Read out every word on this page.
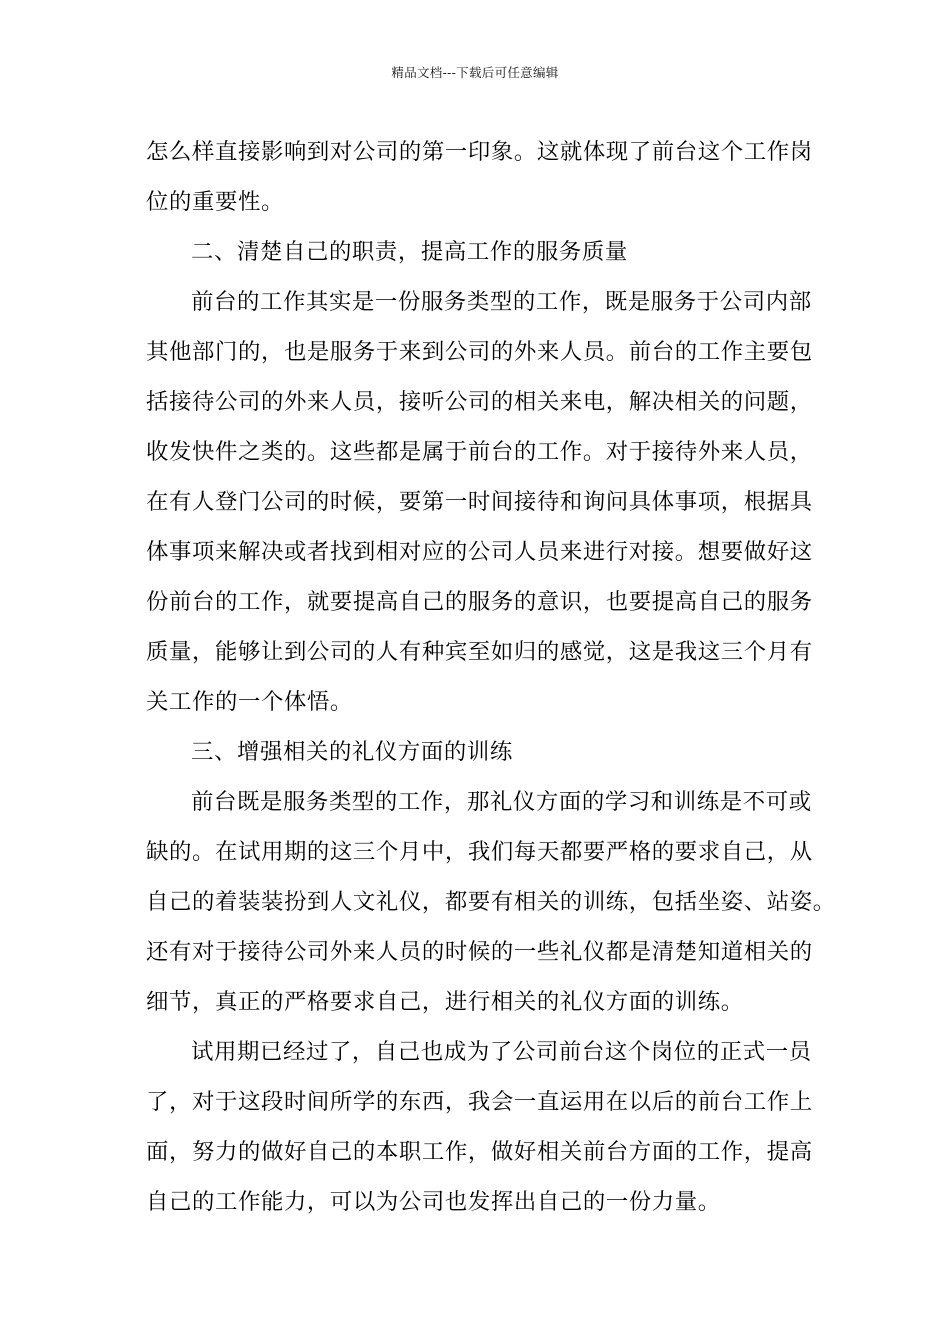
精品文档---下载后可任意编辑
怎么样直接影响到对公司的第一印象。这就体现了前台这个工作岗
位的重要性。
二、清楚自己的职责，提高工作的服务质量
前台的工作其实是一份服务类型的工作，既是服务于公司内部
其他部门的，也是服务于来到公司的外来人员。前台的工作主要包
括接待公司的外来人员，接听公司的相关来电，解决相关的问题，
收发快件之类的。这些都是属于前台的工作。对于接待外来人员，
在有人登门公司的时候，要第一时间接待和询问具体事项，根据具
体事项来解决或者找到相对应的公司人员来进行对接。想要做好这
份前台的工作，就要提高自己的服务的意识，也要提高自己的服务
质量，能够让到公司的人有种宾至如归的感觉，这是我这三个月有
关工作的一个体悟。
三、增强相关的礼仪方面的训练
前台既是服务类型的工作，那礼仪方面的学习和训练是不可或
缺的。在试用期的这三个月中，我们每天都要严格的要求自己，从
自己的着装装扮到人文礼仪，都要有相关的训练，包括坐姿、站姿。
还有对于接待公司外来人员的时候的一些礼仪都是清楚知道相关的
细节，真正的严格要求自己，进行相关的礼仪方面的训练。
试用期已经过了，自己也成为了公司前台这个岗位的正式一员
了，对于这段时间所学的东西，我会一直运用在以后的前台工作上
面，努力的做好自己的本职工作，做好相关前台方面的工作，提高
自己的工作能力，可以为公司也发挥出自己的一份力量。
